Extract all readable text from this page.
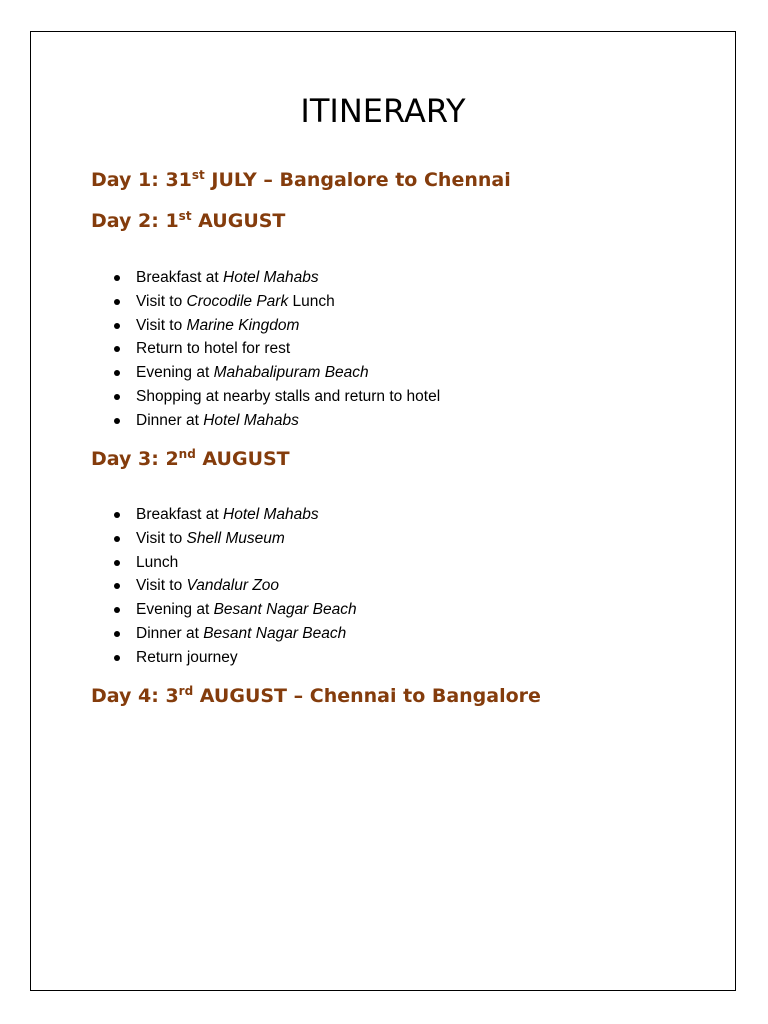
ITINERARY
Day 1: 31st JULY – Bangalore to Chennai
Day 2: 1st AUGUST
Breakfast at Hotel Mahabs
Visit to Crocodile Park Lunch
Visit to Marine Kingdom
Return to hotel for rest
Evening at Mahabalipuram Beach
Shopping at nearby stalls and return to hotel
Dinner at Hotel Mahabs
Day 3: 2nd AUGUST
Breakfast at Hotel Mahabs
Visit to Shell Museum
Lunch
Visit to Vandalur Zoo
Evening at Besant Nagar Beach
Dinner at Besant Nagar Beach
Return journey
Day 4: 3rd AUGUST – Chennai to Bangalore
